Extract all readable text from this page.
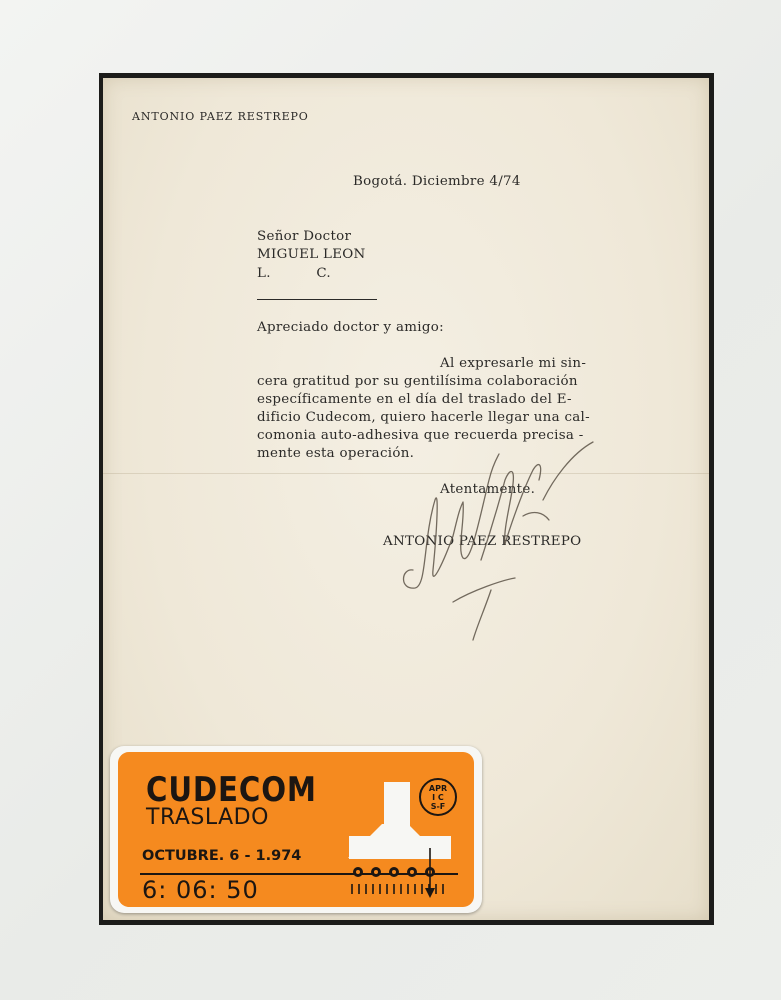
ANTONIO PAEZ RESTREPO
Bogotá. Diciembre 4/74
Señor Doctor
MIGUEL LEON
L.          C.
Apreciado doctor y amigo:
Al expresarle mi sin-
cera gratitud por su gentilísima colaboración
específicamente en el día del traslado del E-
dificio Cudecom, quiero hacerle llegar una cal-
comonia auto-adhesiva que recuerda precisa -
mente esta operación.
Atentamente.
ANTONIO PAEZ RESTREPO
CUDECOM
TRASLADO
OCTUBRE. 6 - 1.974
6: 06: 50
APR
I C
S-F
